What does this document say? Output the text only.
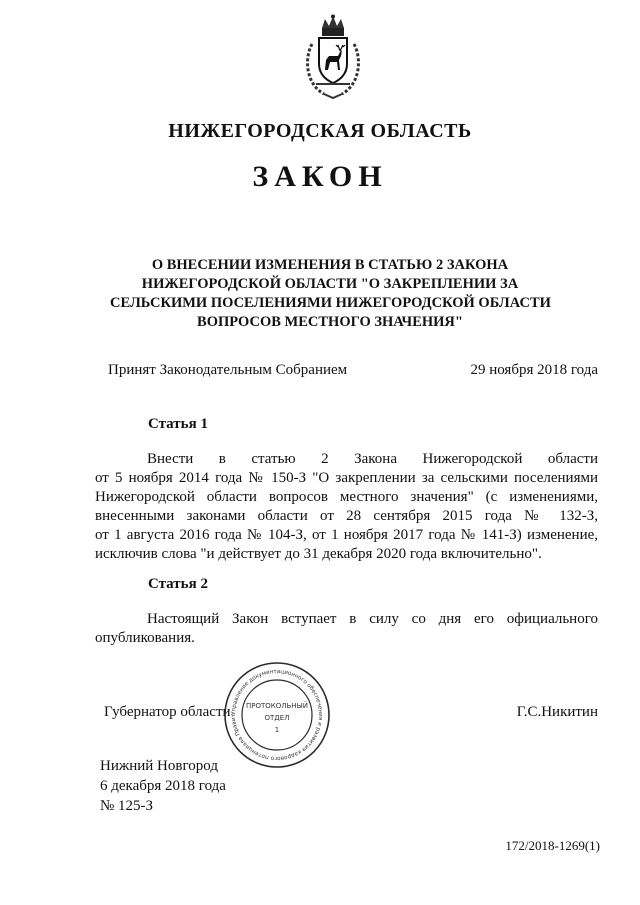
НИЖЕГОРОДСКАЯ ОБЛАСТЬ
ЗАКОН
О ВНЕСЕНИИ ИЗМЕНЕНИЯ В СТАТЬЮ 2 ЗАКОНА
НИЖЕГОРОДСКОЙ ОБЛАСТИ "О ЗАКРЕПЛЕНИИ ЗА
СЕЛЬСКИМИ ПОСЕЛЕНИЯМИ НИЖЕГОРОДСКОЙ ОБЛАСТИ
ВОПРОСОВ МЕСТНОГО ЗНАЧЕНИЯ"
Принят Законодательным Собранием	29 ноября 2018 года
Статья 1
Внести в статью 2 Закона Нижегородской области
от 5 ноября 2014 года № 150-З "О закреплении за сельскими поселениями
Нижегородской области вопросов местного значения" (с изменениями,
внесенными законами области от 28 сентября 2015 года № 132-З,
от 1 августа 2016 года № 104-З, от 1 ноября 2017 года № 141-З) изменение,
исключив слова "и действует до 31 декабря 2020 года включительно".
Статья 2
Настоящий Закон вступает в силу со дня его официального
опубликования.
Губернатор области	Г.С.Никитин
Управление документационного обеспечения и развития кадрового потенциала Правит
ПРОТОКОЛЬНЫЙ
ОТДЕЛ
1
Нижний Новгород
6 декабря 2018 года
№ 125-З
172/2018-1269(1)
